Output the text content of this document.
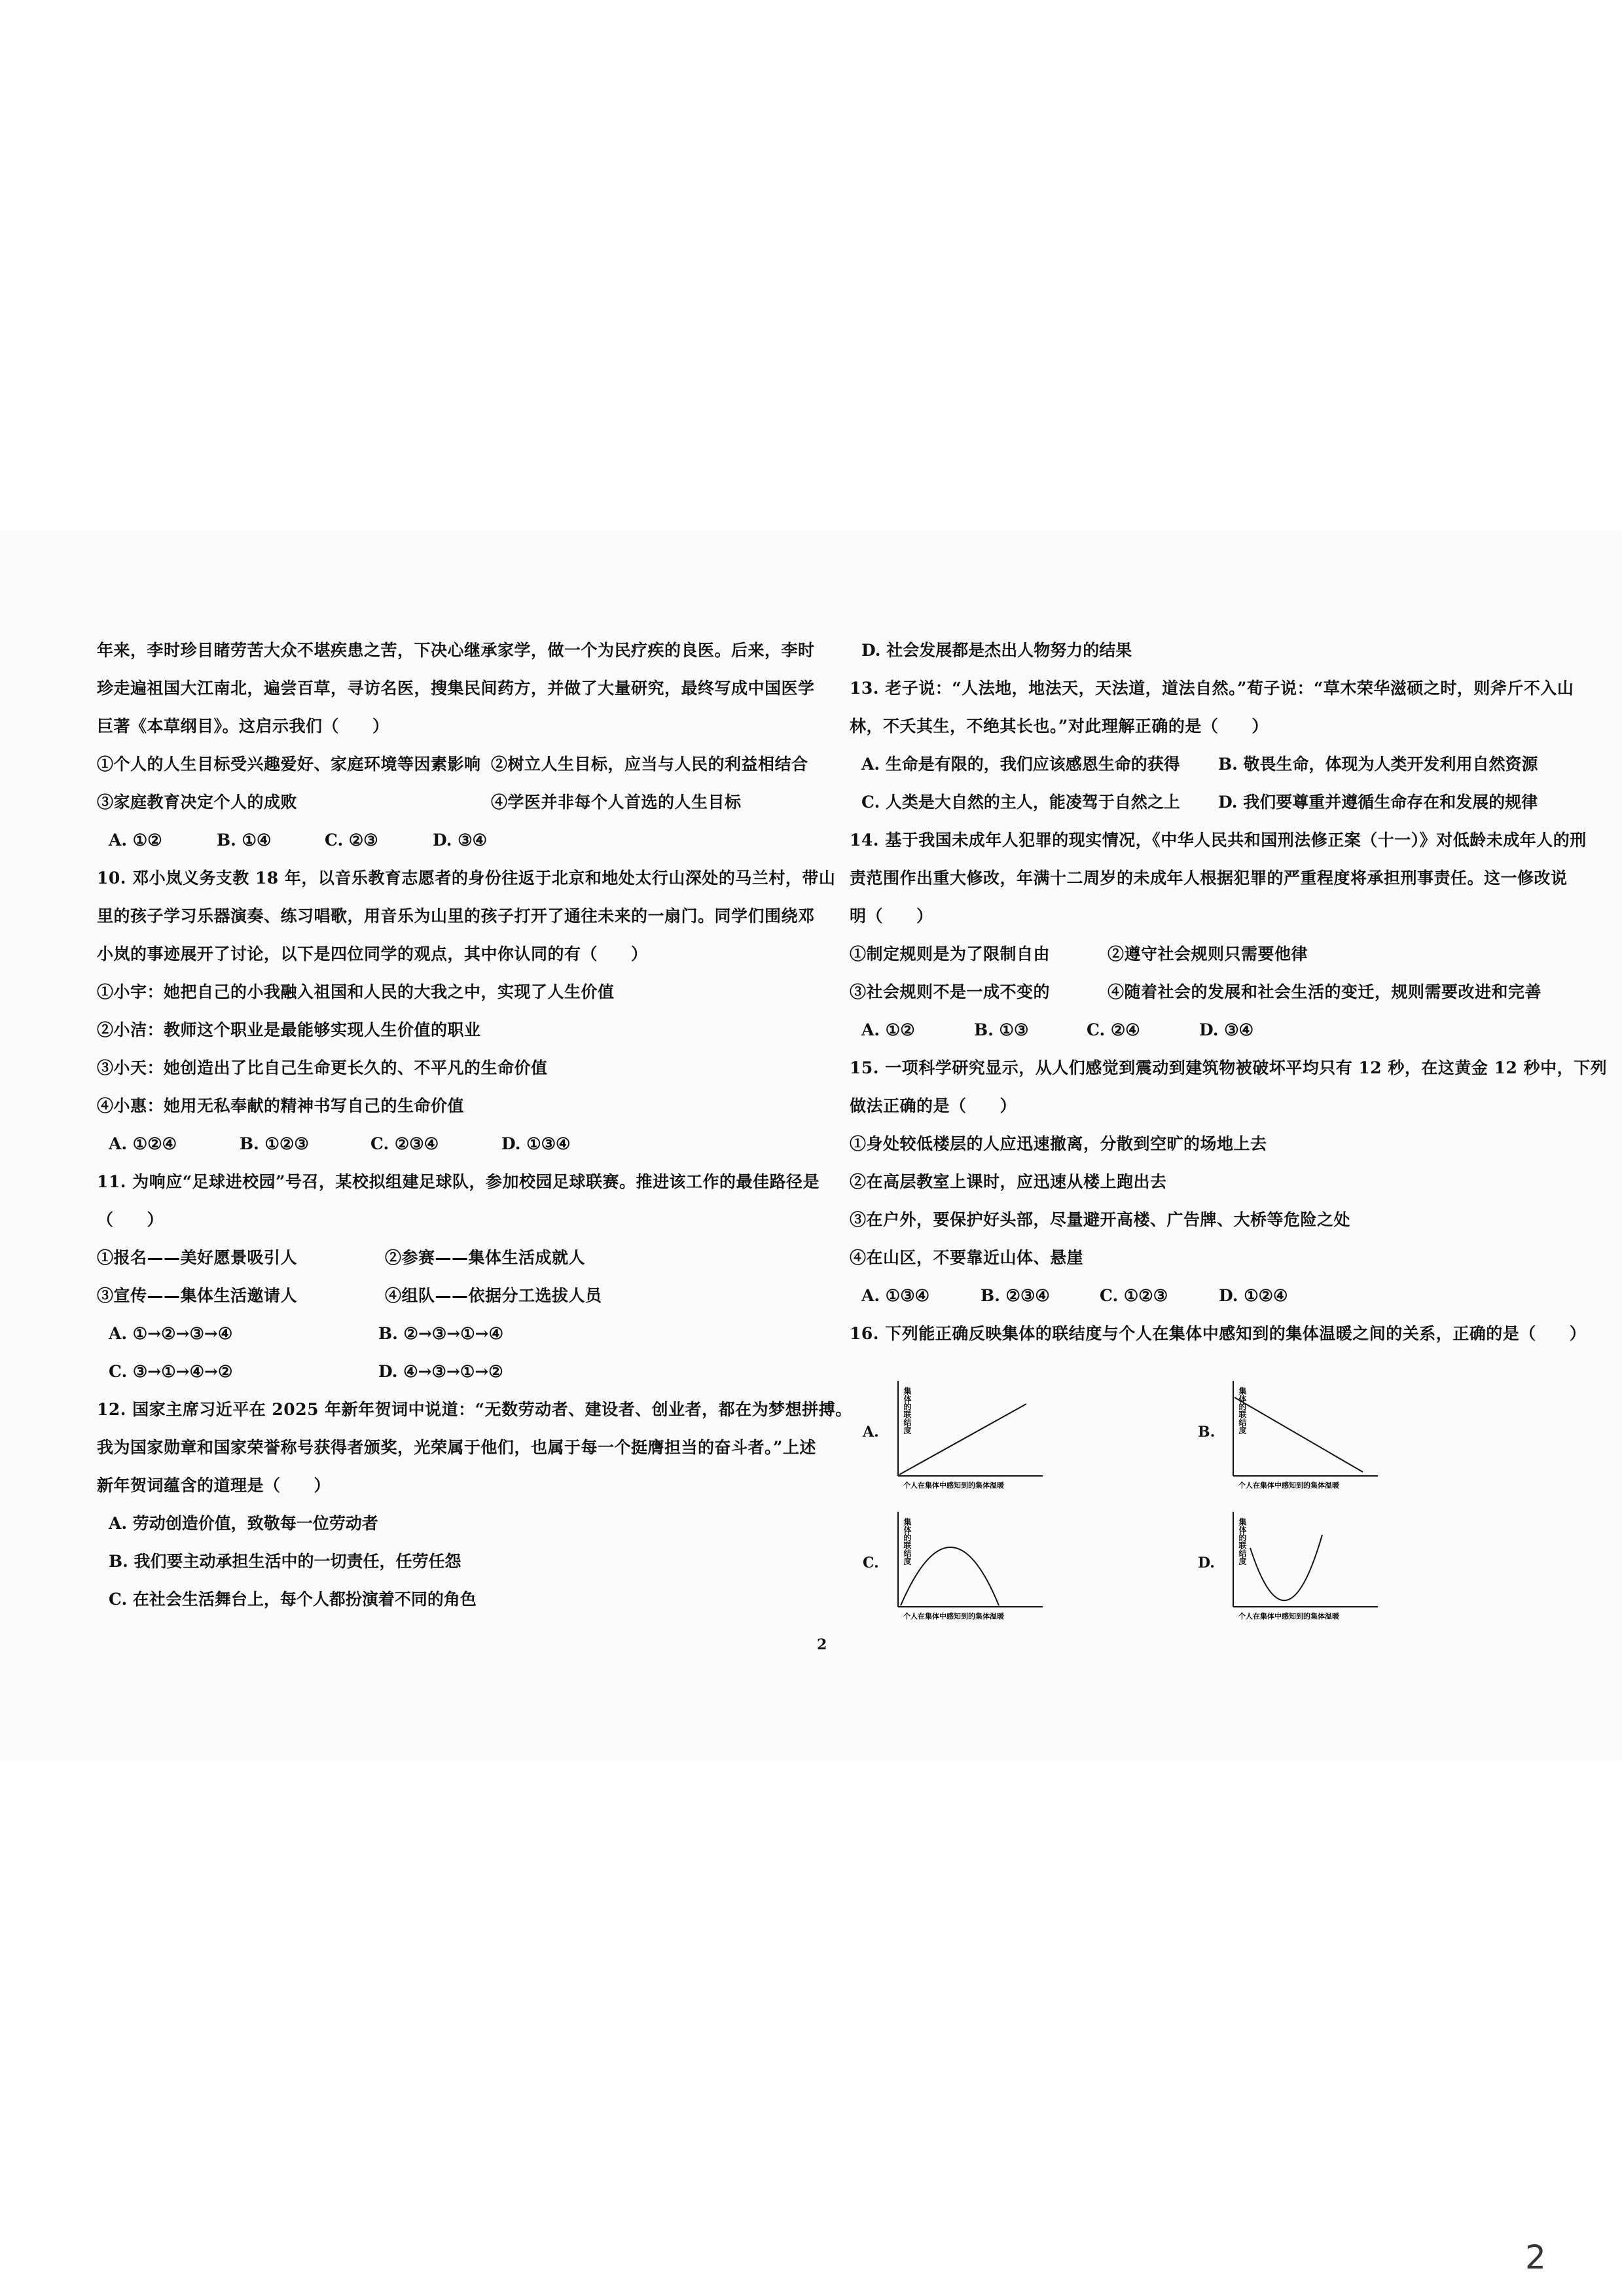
年来，李时珍目睹劳苦大众不堪疾患之苦，下决心继承家学，做一个为民疗疾的良医。后来，李时
珍走遍祖国大江南北，遍尝百草，寻访名医，搜集民间药方，并做了大量研究，最终写成中国医学
巨著《本草纲目》。这启示我们（　　）
①个人的人生目标受兴趣爱好、家庭环境等因素影响 ②树立人生目标，应当与人民的利益相结合
③家庭教育决定个人的成败	④学医并非每个人首选的人生目标
A. ①②	B. ①④	C. ②③	D. ③④
10. 邓小岚义务支教 18 年，以音乐教育志愿者的身份往返于北京和地处太行山深处的马兰村，带山
里的孩子学习乐器演奏、练习唱歌，用音乐为山里的孩子打开了通往未来的一扇门。同学们围绕邓
小岚的事迹展开了讨论，以下是四位同学的观点，其中你认同的有（　　）
①小宇：她把自己的小我融入祖国和人民的大我之中，实现了人生价值
②小洁：教师这个职业是最能够实现人生价值的职业
③小天：她创造出了比自己生命更长久的、不平凡的生命价值
④小惠：她用无私奉献的精神书写自己的生命价值
A. ①②④	B. ①②③	C. ②③④	D. ①③④
11. 为响应“足球进校园”号召，某校拟组建足球队，参加校园足球联赛。推进该工作的最佳路径是
（　　）
①报名——美好愿景吸引人	②参赛——集体生活成就人
③宣传——集体生活邀请人	④组队——依据分工选拔人员
A. ①→②→③→④	B. ②→③→①→④
C. ③→①→④→②	D. ④→③→①→②
12. 国家主席习近平在 2025 年新年贺词中说道：“无数劳动者、建设者、创业者，都在为梦想拼搏。
我为国家勋章和国家荣誉称号获得者颁奖，光荣属于他们，也属于每一个挺膺担当的奋斗者。”上述
新年贺词蕴含的道理是（　　）
A. 劳动创造价值，致敬每一位劳动者
B. 我们要主动承担生活中的一切责任，任劳任怨
C. 在社会生活舞台上，每个人都扮演着不同的角色
D. 社会发展都是杰出人物努力的结果
13. 老子说：“人法地，地法天，天法道，道法自然。”荀子说：“草木荣华滋硕之时，则斧斤不入山
林，不夭其生，不绝其长也。”对此理解正确的是（　　）
A. 生命是有限的，我们应该感恩生命的获得 B. 敬畏生命，体现为人类开发利用自然资源
C. 人类是大自然的主人，能凌驾于自然之上 D. 我们要尊重并遵循生命存在和发展的规律
14. 基于我国未成年人犯罪的现实情况，《中华人民共和国刑法修正案（十一）》对低龄未成年人的刑
责范围作出重大修改，年满十二周岁的未成年人根据犯罪的严重程度将承担刑事责任。这一修改说
明（　　）
①制定规则是为了限制自由	②遵守社会规则只需要他律
③社会规则不是一成不变的	④随着社会的发展和社会生活的变迁，规则需要改进和完善
A. ①②	B. ①③	C. ②④	D. ③④
15. 一项科学研究显示，从人们感觉到震动到建筑物被破坏平均只有 12 秒，在这黄金 12 秒中，下列
做法正确的是（　　）
①身处较低楼层的人应迅速撤离，分散到空旷的场地上去
②在高层教室上课时，应迅速从楼上跑出去
③在户外，要保护好头部，尽量避开高楼、广告牌、大桥等危险之处
④在山区，不要靠近山体、悬崖
A. ①③④	B. ②③④	C. ①②③	D. ①②④
16. 下列能正确反映集体的联结度与个人在集体中感知到的集体温暖之间的关系，正确的是（　　）
A.	集体的联结度
个人在集体中感知到的集体温暖
B.	集体的联结度
个人在集体中感知到的集体温暖
C.	集体的联结度
个人在集体中感知到的集体温暖
D.	集体的联结度
个人在集体中感知到的集体温暖
2
2
